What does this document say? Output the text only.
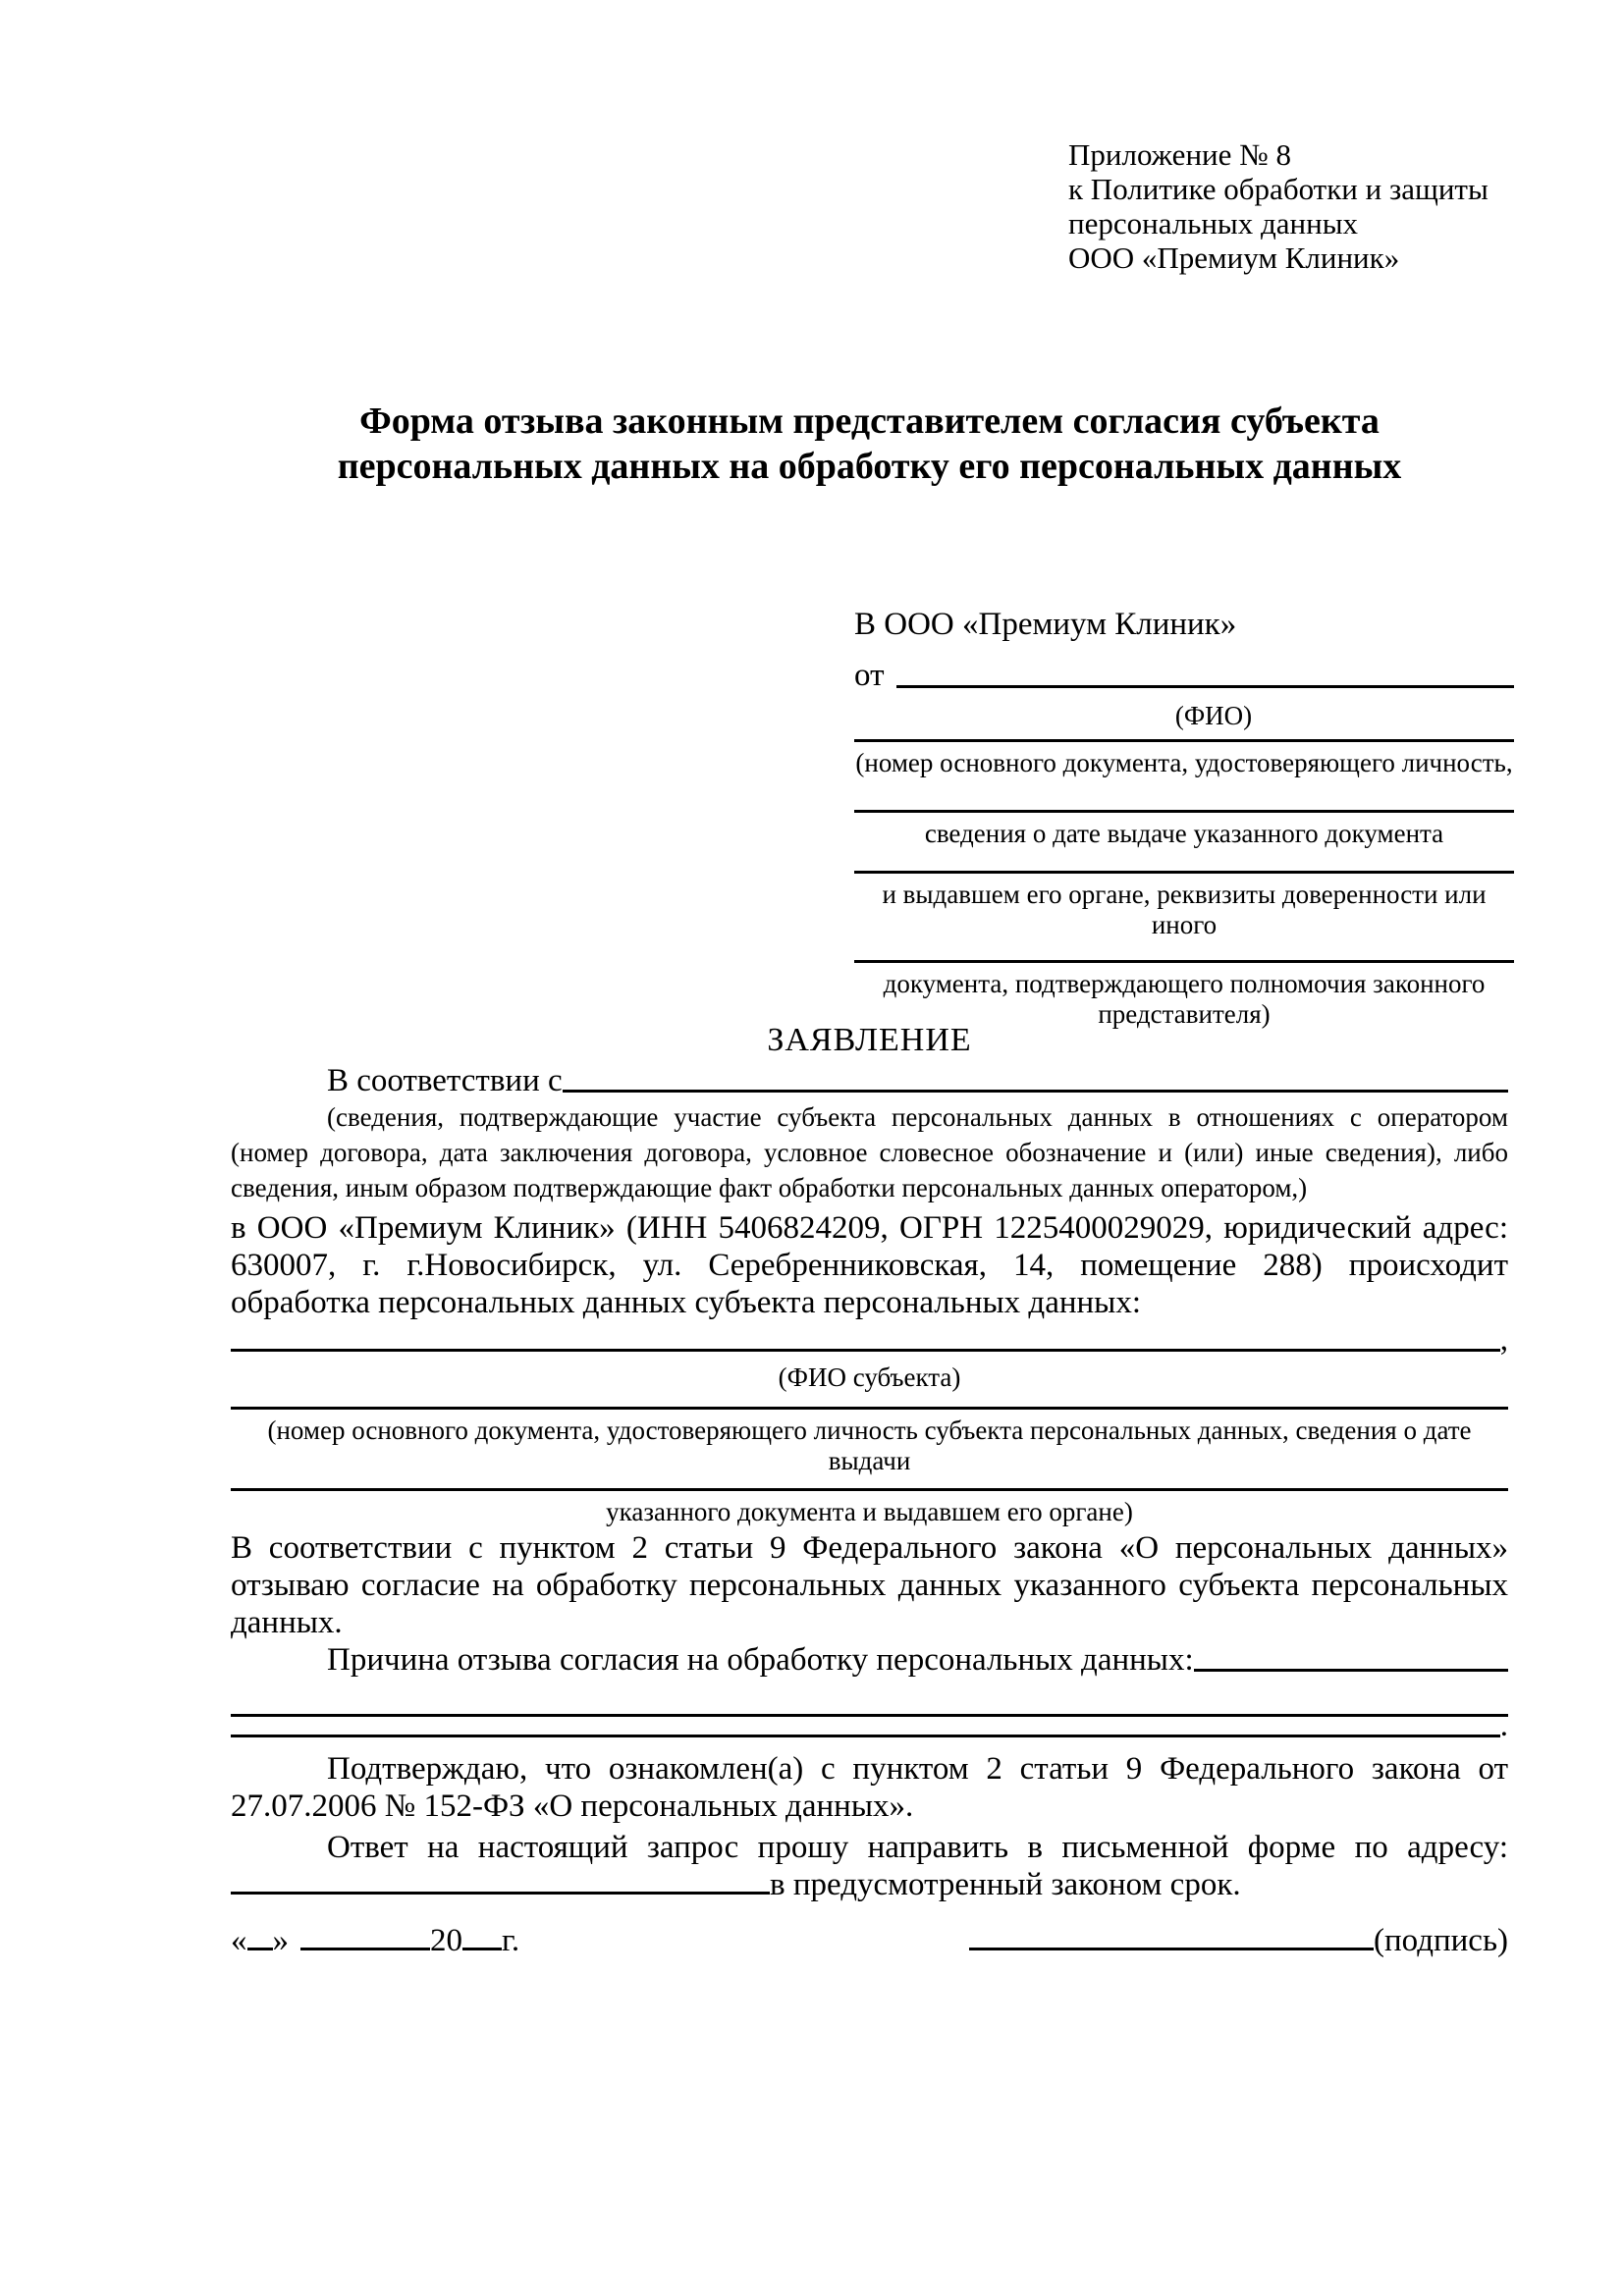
Приложение № 8
к Политике обработки и защиты
персональных данных
ООО «Премиум Клиник»
Форма отзыва законным представителем согласия субъекта
персональных данных на обработку его персональных данных
В ООО «Премиум Клиник»
от
(ФИО)
(номер основного документа, удостоверяющего личность,
сведения о дате выдаче указанного документа
и выдавшем его органе, реквизиты доверенности или иного
документа, подтверждающего полномочия законного представителя)
ЗАЯВЛЕНИЕ
В соответствии с

(сведения, подтверждающие участие субъекта персональных данных в отношениях с оператором (номер договора, дата заключения договора, условное словесное обозначение и (или) иные сведения), либо сведения, иным образом подтверждающие факт обработки персональных данных оператором,)

в ООО «Премиум Клиник» (ИНН 5406824209, ОГРН 1225400029029, юридический адрес: 630007, г. г.Новосибирск, ул. Серебренниковская, 14, помещение 288) происходит обработка персональных данных субъекта персональных данных:

,
(ФИО субъекта)
(номер основного документа, удостоверяющего личность субъекта персональных данных, сведения о дате выдачи
указанного документа и выдавшем его органе)

В соответствии с пунктом 2 статьи 9 Федерального закона «О персональных данных» отзываю согласие на обработку персональных данных указанного субъекта персональных данных.

Причина отзыва согласия на обработку персональных данных:
.

Подтверждаю, что ознакомлен(а) с пунктом 2 статьи 9 Федерального закона от 27.07.2006 № 152-ФЗ «О персональных данных».

Ответ на настоящий запрос прошу направить в письменной форме по адресу:

в предусмотренный законом срок.

« »	20 г.	(подпись)
